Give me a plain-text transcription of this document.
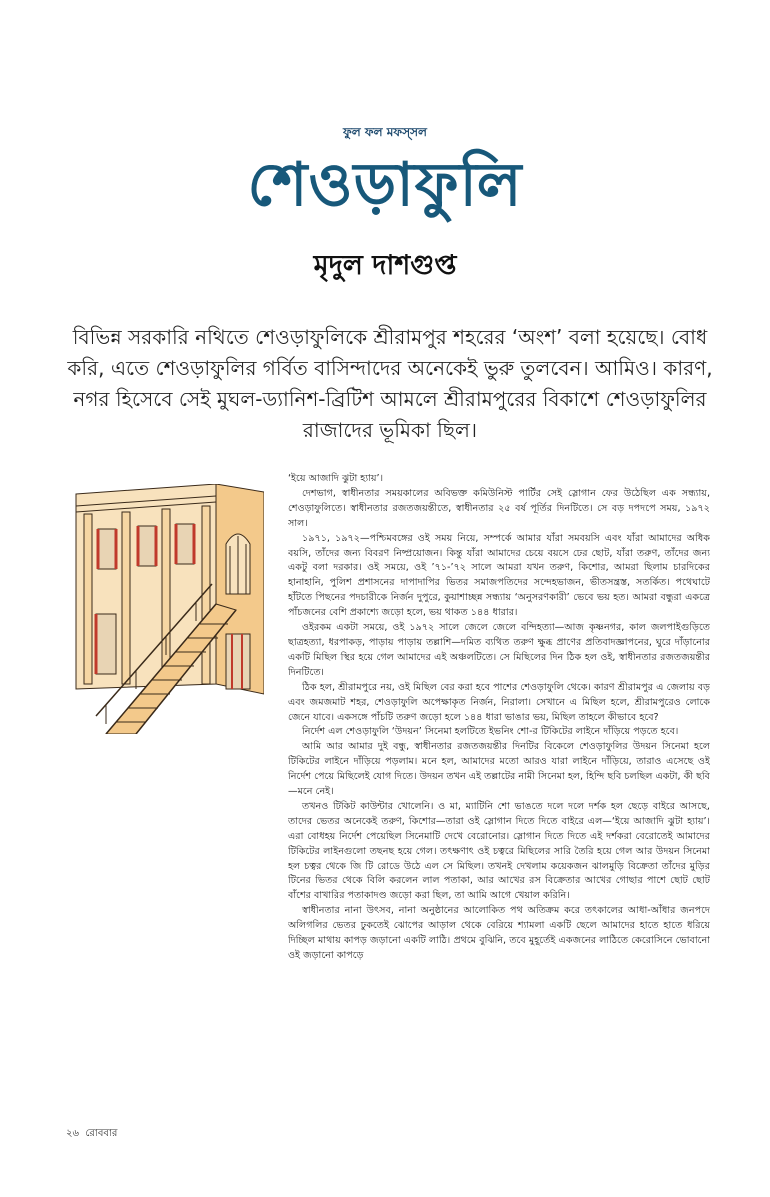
ফুল ফল মফস্‌সল
শেওড়াফুলি
মৃদুল দাশগুপ্ত
বিভিন্ন সরকারি নথিতে শেওড়াফুলিকে শ্রীরামপুর শহরের ‘অংশ’ বলা হয়েছে। বোধ করি, এতে শেওড়াফুলির গর্বিত বাসিন্দাদের অনেকেই ভুরু তুলবেন। আমিও। কারণ, নগর হিসেবে সেই মুঘল-ড্যানিশ-ব্রিটিশ আমলে শ্রীরামপুরের বিকাশে শেওড়াফুলির রাজাদের ভূমিকা ছিল।

‘ইয়ে আজাদি ঝুটা হ্যায়’।

দেশভাগ, স্বাধীনতার সময়কালের অবিভক্ত কমিউনিস্ট পার্টির সেই স্লোগান ফের উঠেছিল এক সন্ধ্যায়, শেওড়াফুলিতে। স্বাধীনতার রজতজয়ন্তীতে, স্বাধীনতার ২৫ বর্ষ পূর্তির দিনটিতে। সে বড় দপদপে সময়, ১৯৭২ সাল।

১৯৭১, ১৯৭২—পশ্চিমবঙ্গের ওই সময় নিয়ে, সম্পর্কে আমার যাঁরা সমবয়সি এবং যাঁরা আমাদের অধিক বয়সি, তাঁদের জন্য বিবরণ নিষ্প্রয়োজন। কিন্তু যাঁরা আমাদের চেয়ে বয়সে ঢের ছোট, যাঁরা তরুণ, তাঁদের জন্য একটু বলা দরকার। ওই সময়ে, ওই ’৭১-’৭২ সালে আমরা যখন তরুণ, কিশোর, আমরা ছিলাম চারদিকের হানাহানি, পুলিশ প্রশাসনের দাপাদাপির ভিতর সমাজপতিদের সন্দেহভাজন, ভীতসন্ত্রস্ত, সতর্কিত। পথেঘাটে হাঁটতে পিছনের পদচারীকে নির্জন দুপুরে, কুয়াশাচ্ছন্ন সন্ধ্যায় ‘অনুসরণকারী’ ভেবে ভয় হত। আমরা বন্ধুরা একত্রে পাঁচজনের বেশি প্রকাশ্যে জড়ো হলে, ভয় থাকত ১৪৪ ধারার।

ওইরকম একটা সময়ে, ওই ১৯৭২ সালে জেলে জেলে বন্দিহত্যা—আজ কৃষ্ণনগর, কাল জলপাইগুড়িতে ছাত্রহত্যা, ধরপাকড়, পাড়ায় পাড়ায় তল্লাশি—দমিত ব্যথিত তরুণ ক্ষুব্ধ প্রাণের প্রতিবাদজ্ঞাপনের, ঘুরে দাঁড়ানোর একটি মিছিল স্থির হয়ে গেল আমাদের এই অঞ্চলটিতে। সে মিছিলের দিন ঠিক হল ওই, স্বাধীনতার রজতজয়ন্তীর দিনটিতে।

ঠিক হল, শ্রীরামপুরে নয়, ওই মিছিল বের করা হবে পাশের শেওড়াফুলি থেকে। কারণ শ্রীরামপুর এ জেলায় বড় এবং জমজমাট শহর, শেওড়াফুলি অপেক্ষাকৃত নির্জন, নিরালা। সেখানে এ মিছিল হলে, শ্রীরামপুরেও লোকে জেনে যাবে। একসঙ্গে পাঁচটি তরুণ জড়ো হলে ১৪৪ ধারা ভাঙার ভয়, মিছিল তাহলে কীভাবে হবে?

নির্দেশ এল শেওড়াফুলি ‘উদয়ন’ সিনেমা হলটিতে ইভনিং শো-র টিকিটের লাইনে দাঁড়িয়ে পড়তে হবে।

আমি আর আমার দুই বন্ধু, স্বাধীনতার রজতজয়ন্তীর দিনটির বিকেলে শেওড়াফুলির উদয়ন সিনেমা হলে টিকিটের লাইনে দাঁড়িয়ে পড়লাম। মনে হল, আমাদের মতো আরও যারা লাইনে দাঁড়িয়ে, তারাও এসেছে ওই নির্দেশ পেয়ে মিছিলেই যোগ দিতে। উদয়ন তখন এই তল্লাটের নামী সিনেমা হল, হিন্দি ছবি চলছিল একটা, কী ছবি—মনে নেই।

তখনও টিকিট কাউন্টার খোলেনি। ও মা, ম্যাটিনি শো ভাঙতে দলে দলে দর্শক হল ছেড়ে বাইরে আসছে, তাদের ভেতর অনেকেই তরুণ, কিশোর—তারা ওই স্লোগান দিতে দিতে বাইরে এল—‘ইয়ে আজাদি ঝুটা হ্যায়’। এরা বোধহয় নির্দেশ পেয়েছিল সিনেমাটি দেখে বেরোনোর। স্লোগান দিতে দিতে এই দর্শকরা বেরোতেই আমাদের টিকিটের লাইনগুলো তছনছ হয়ে গেল। তৎক্ষণাৎ ওই চত্বরে মিছিলের সারি তৈরি হয়ে গেল আর উদয়ন সিনেমা হল চত্বর থেকে জি টি রোডে উঠে এল সে মিছিল। তখনই দেখলাম কয়েকজন ঝালমুড়ি বিক্রেতা তাঁদের মুড়ির টিনের ভিতর থেকে বিলি করলেন লাল পতাকা, আর আখের রস বিক্রেতার আখের গোছার পাশে ছোট ছোট বাঁশের বাখারির পতাকাদণ্ড জড়ো করা ছিল, তা আমি আগে খেয়াল করিনি।

স্বাধীনতার নানা উৎসব, নানা অনুষ্ঠানের আলোকিত পথ অতিক্রম করে তৎকালের আধা-আঁধার জনপদে অলিগলির ভেতর ঢুকতেই ঝোপের আড়াল থেকে বেরিয়ে শ্যামলা একটি ছেলে আমাদের হাতে হাতে ধরিয়ে দিচ্ছিল মাথায় কাপড় জড়ানো একটি লাঠি। প্রথমে বুঝিনি, তবে মুহূর্তেই একজনের লাঠিতে কেরোসিনে ভোবানো ওই জড়ানো কাপড়ে

২৬ রোববার
